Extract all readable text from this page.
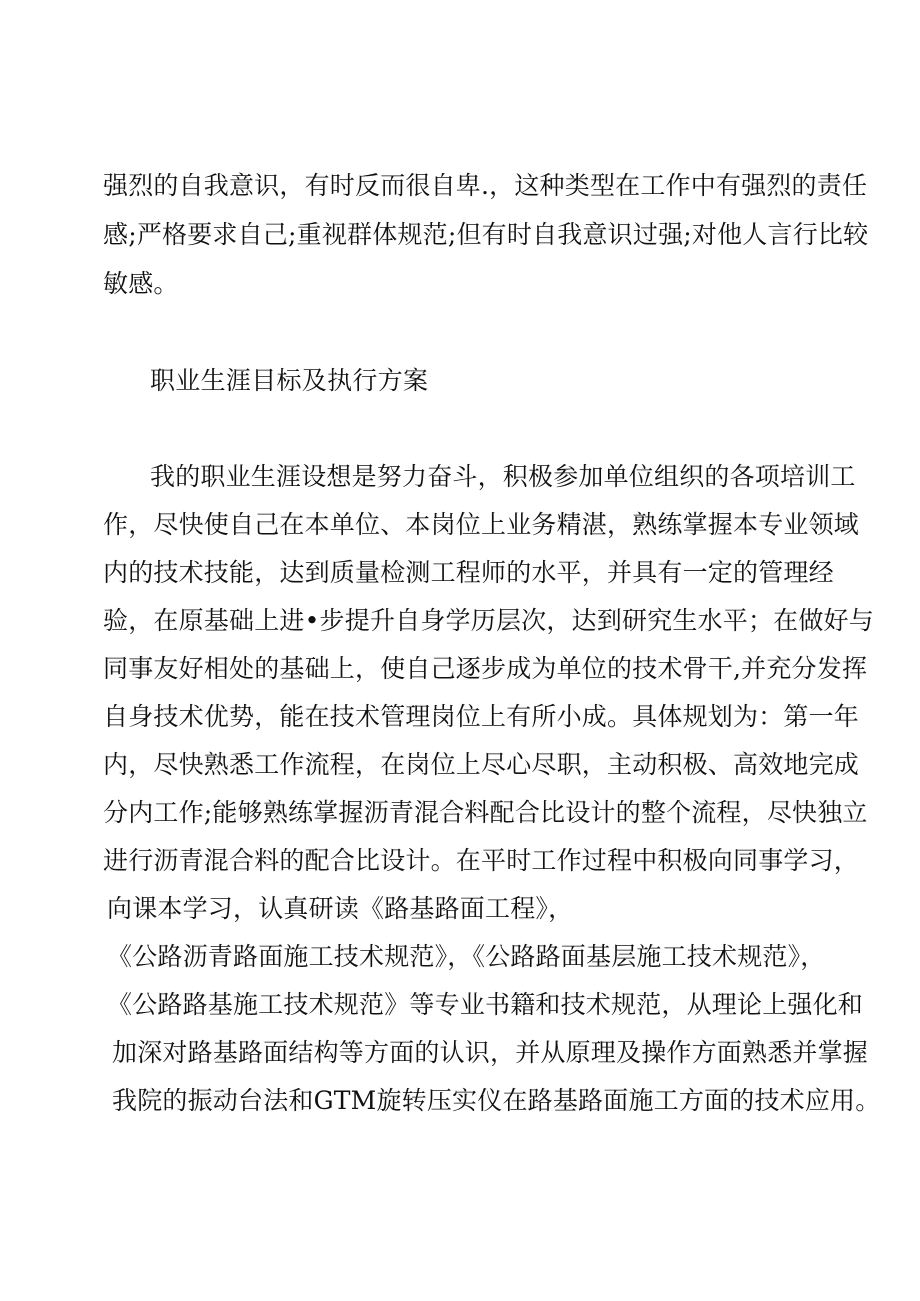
强烈的自我意识，有时反而很自卑.，这种类型在工作中有强烈的责任
感;严格要求自己;重视群体规范;但有时自我意识过强;对他人言行比较
敏感。
职业生涯目标及执行方案
我的职业生涯设想是努力奋斗，积极参加单位组织的各项培训工
作，尽快使自己在本单位、本岗位上业务精湛，熟练掌握本专业领域
内的技术技能，达到质量检测工程师的水平，并具有一定的管理经
验，在原基础上进•步提升自身学历层次，达到研究生水平；在做好与
同事友好相处的基础上，使自己逐步成为单位的技术骨干,并充分发挥
自身技术优势，能在技术管理岗位上有所小成。具体规划为：第一年
内，尽快熟悉工作流程，在岗位上尽心尽职，主动积极、高效地完成
分内工作;能够熟练掌握沥青混合料配合比设计的整个流程，尽快独立
进行沥青混合料的配合比设计。在平时工作过程中积极向同事学习，
向课本学习，认真研读《路基路面工程》，
《公路沥青路面施工技术规范》，《公路路面基层施工技术规范》，
《公路路基施工技术规范》等专业书籍和技术规范，从理论上强化和
加深对路基路面结构等方面的认识，并从原理及操作方面熟悉并掌握
我院的振动台法和GTM旋转压实仪在路基路面施工方面的技术应用。
